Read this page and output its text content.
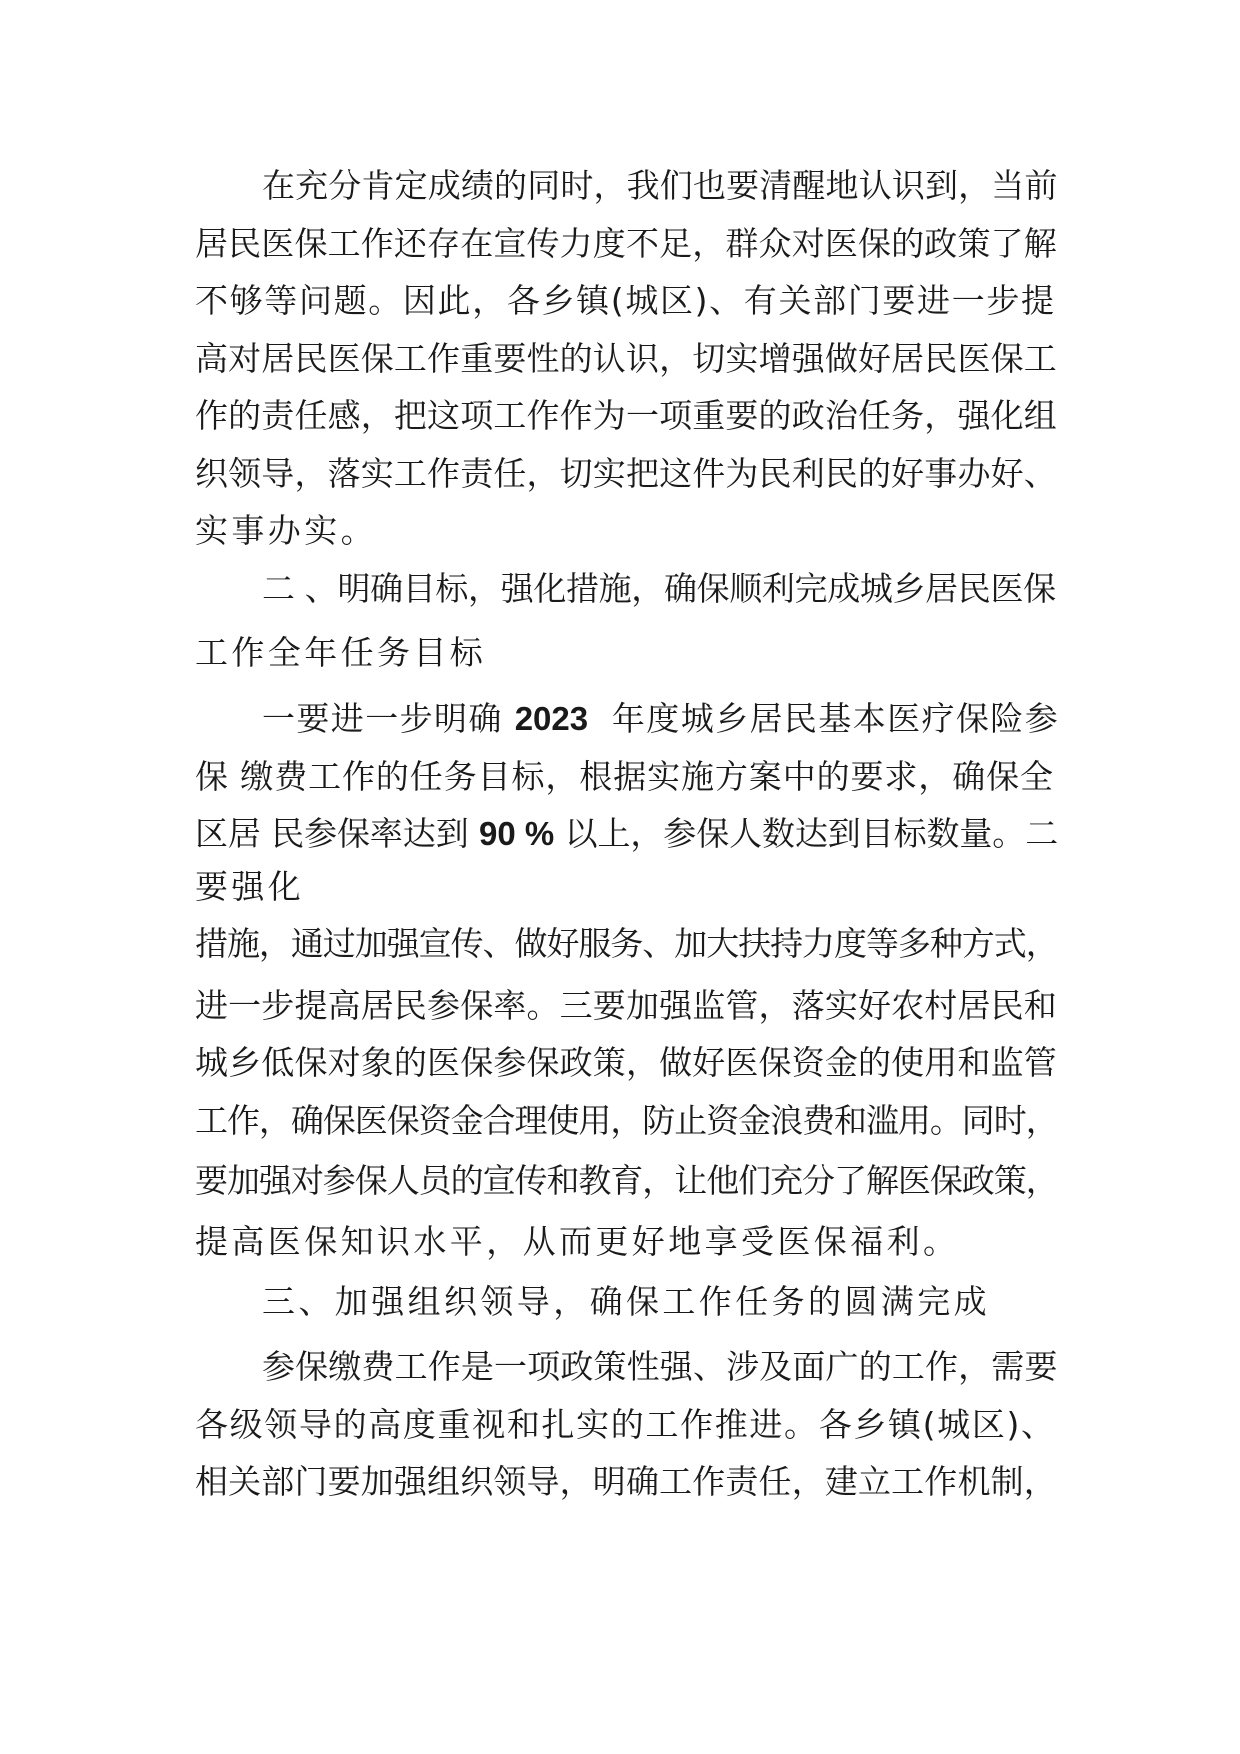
在充分肯定成绩的同时，我们也要清醒地认识到，当前
居民医保工作还存在宣传力度不足，群众对医保的政策了解
不够等问题。因此，各乡镇(城区)、有关部门要进一步提
高对居民医保工作重要性的认识，切实增强做好居民医保工
作的责任感，把这项工作作为一项重要的政治任务，强化组
织领导，落实工作责任，切实把这件为民利民的好事办好、
实事办实。
二 、明确目标，强化措施，确保顺利完成城乡居民医保
工作全年任务目标
一要进一步明确 2023 年度城乡居民基本医疗保险参
保 缴费工作的任务目标，根据实施方案中的要求，确保全
区居 民参保率达到 90 % 以上，参保人数达到目标数量。二
要强化
措施，通过加强宣传、做好服务、加大扶持力度等多种方式，
进一步提高居民参保率。三要加强监管，落实好农村居民和
城乡低保对象的医保参保政策，做好医保资金的使用和监管
工作，确保医保资金合理使用，防止资金浪费和滥用。同时，
要加强对参保人员的宣传和教育，让他们充分了解医保政策，
提高医保知识水平，从而更好地享受医保福利。
三、加强组织领导，确保工作任务的圆满完成
参保缴费工作是一项政策性强、涉及面广的工作，需要
各级领导的高度重视和扎实的工作推进。各乡镇(城区)、
相关部门要加强组织领导，明确工作责任，建立工作机制，
